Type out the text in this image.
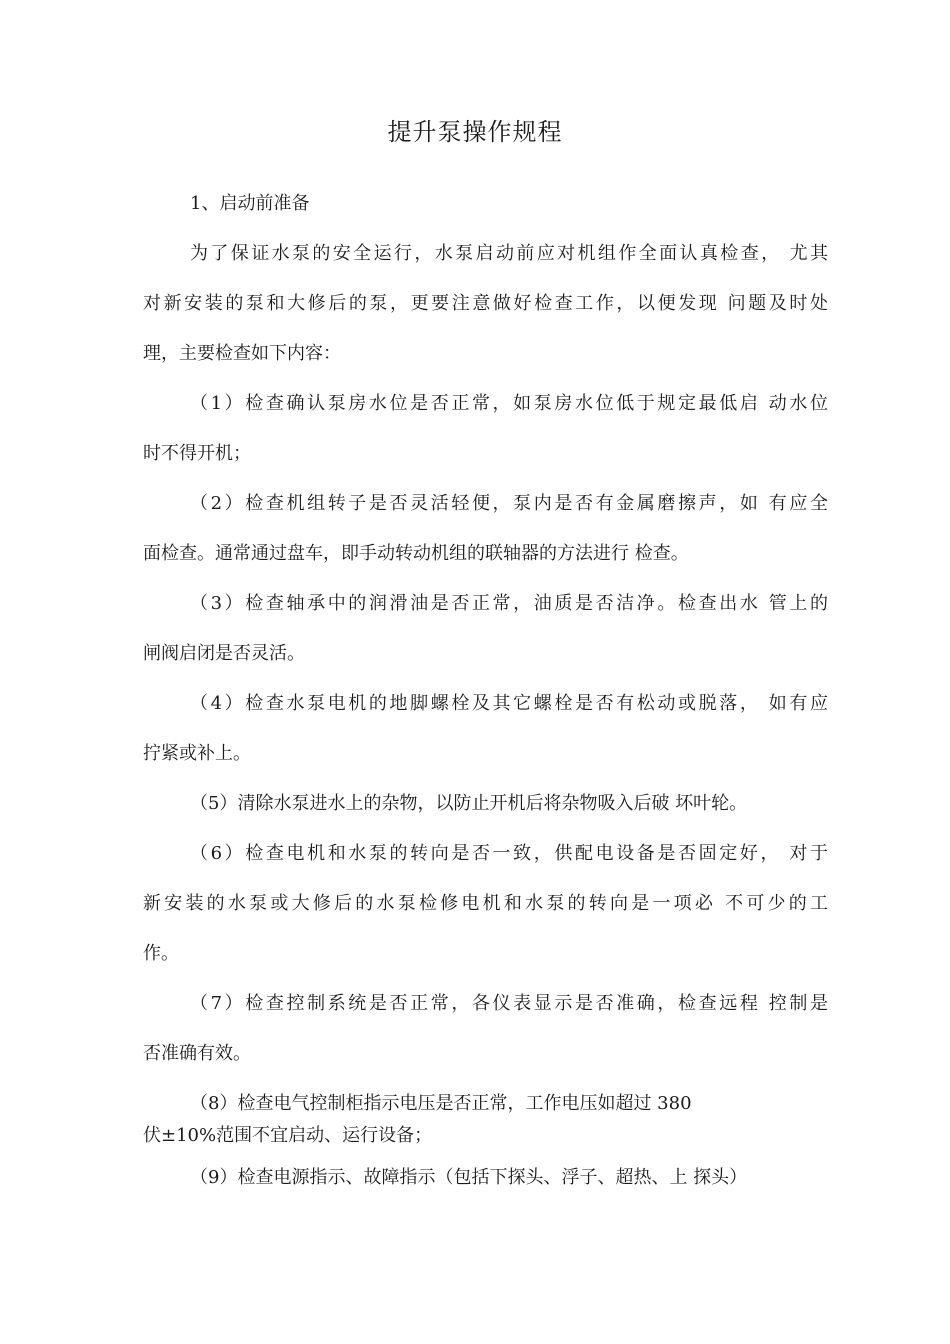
提升泵操作规程
1、启动前准备
为了保证水泵的安全运行，水泵启动前应对机组作全面认真检查， 尤其
对新安装的泵和大修后的泵，更要注意做好检查工作，以便发现 问题及时处
理，主要检查如下内容：
（1）检查确认泵房水位是否正常，如泵房水位低于规定最低启 动水位
时不得开机；
（2）检查机组转子是否灵活轻便，泵内是否有金属磨擦声，如 有应全
面检查。通常通过盘车，即手动转动机组的联轴器的方法进行 检查。
（3）检查轴承中的润滑油是否正常，油质是否洁净。检查出水 管上的
闸阀启闭是否灵活。
（4）检查水泵电机的地脚螺栓及其它螺栓是否有松动或脱落， 如有应
拧紧或补上。
（5）清除水泵进水上的杂物，以防止开机后将杂物吸入后破 坏叶轮。
（6）检查电机和水泵的转向是否一致，供配电设备是否固定好， 对于
新安装的水泵或大修后的水泵检修电机和水泵的转向是一项必 不可少的工
作。
（7）检查控制系统是否正常，各仪表显示是否准确，检查远程 控制是
否准确有效。
（8）检查电气控制柜指示电压是否正常，工作电压如超过 380
伏±10%范围不宜启动、运行设备；
（9）检查电源指示、故障指示（包括下探头、浮子、超热、上 探头）
